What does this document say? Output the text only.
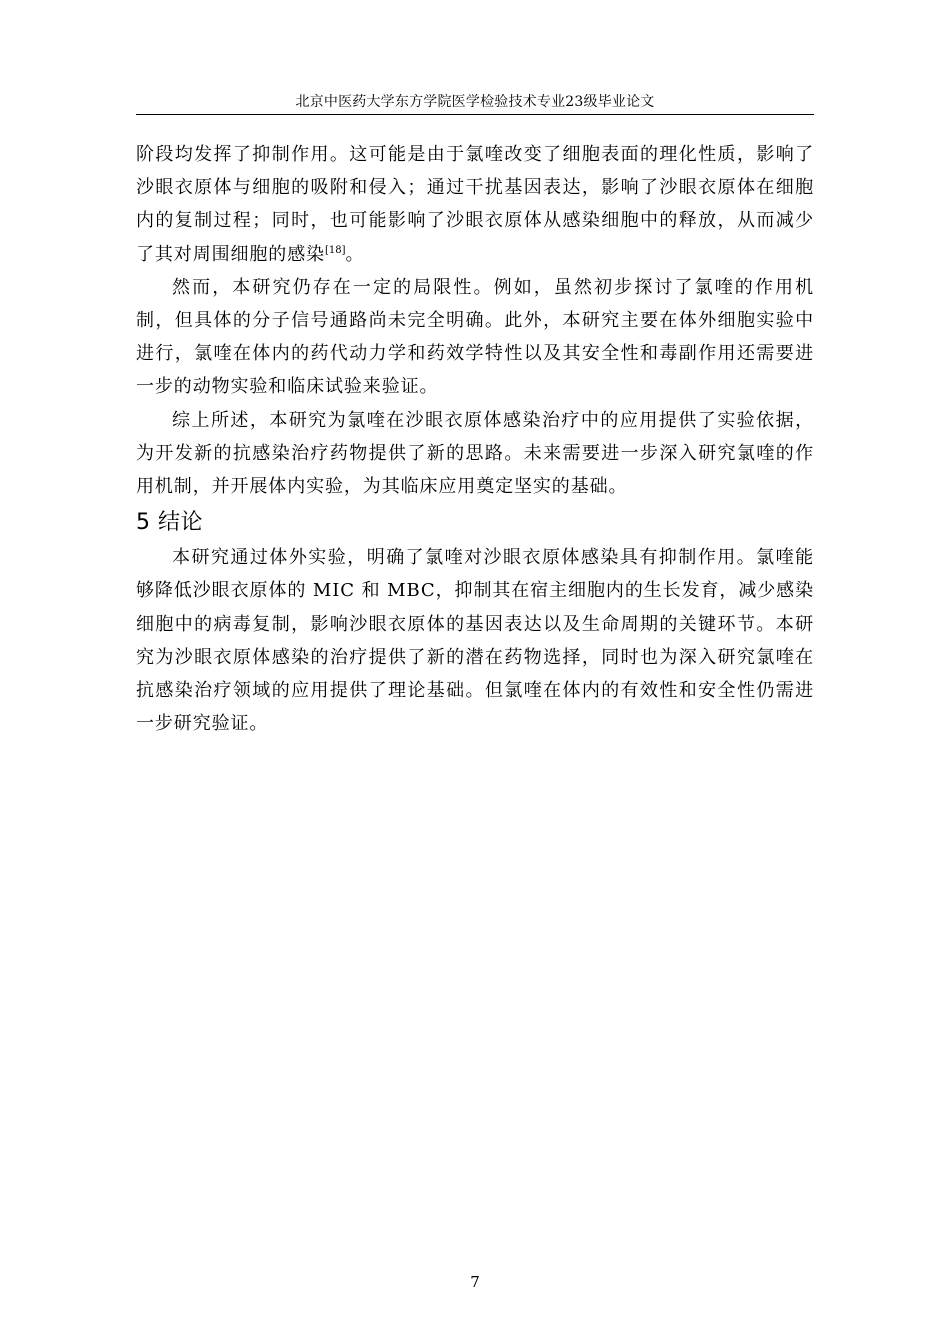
北京中医药大学东方学院医学检验技术专业23级毕业论文

阶段均发挥了抑制作用。这可能是由于氯喹改变了细胞表面的理化性质，影响了沙眼衣原体与细胞的吸附和侵入；通过干扰基因表达，影响了沙眼衣原体在细胞内的复制过程；同时，也可能影响了沙眼衣原体从感染细胞中的释放，从而减少了其对周围细胞的感染[18]。

然而，本研究仍存在一定的局限性。例如，虽然初步探讨了氯喹的作用机制，但具体的分子信号通路尚未完全明确。此外，本研究主要在体外细胞实验中进行，氯喹在体内的药代动力学和药效学特性以及其安全性和毒副作用还需要进一步的动物实验和临床试验来验证。

综上所述，本研究为氯喹在沙眼衣原体感染治疗中的应用提供了实验依据，为开发新的抗感染治疗药物提供了新的思路。未来需要进一步深入研究氯喹的作用机制，并开展体内实验，为其临床应用奠定坚实的基础。

5 结论

本研究通过体外实验，明确了氯喹对沙眼衣原体感染具有抑制作用。氯喹能够降低沙眼衣原体的 MIC 和 MBC，抑制其在宿主细胞内的生长发育，减少感染细胞中的病毒复制，影响沙眼衣原体的基因表达以及生命周期的关键环节。本研究为沙眼衣原体感染的治疗提供了新的潜在药物选择，同时也为深入研究氯喹在抗感染治疗领域的应用提供了理论基础。但氯喹在体内的有效性和安全性仍需进一步研究验证。

7
